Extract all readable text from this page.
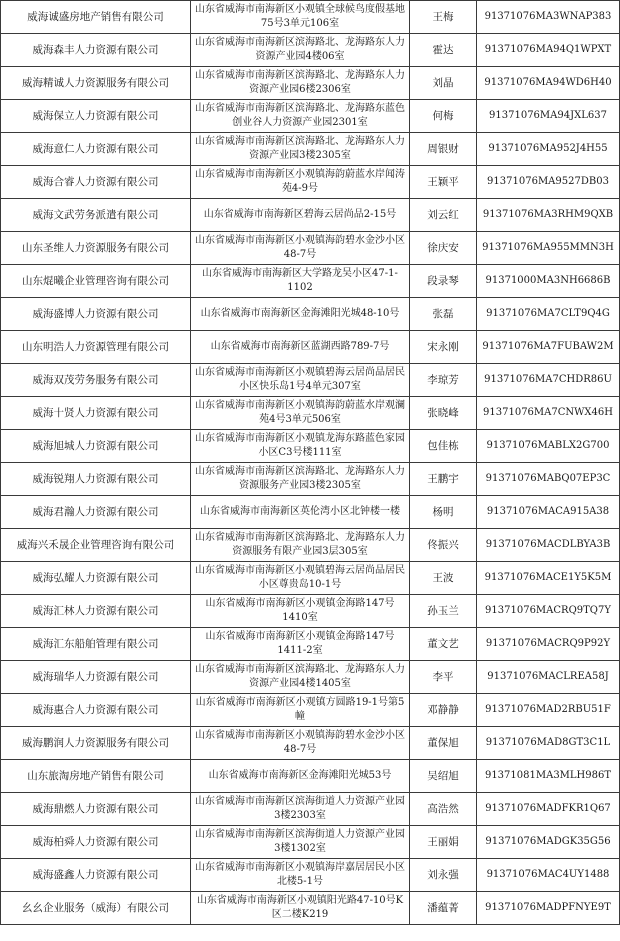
威海诚盛房地产销售有限公司	山东省威海市南海新区小观镇全球候鸟度假基地75号3单元106室	王梅	91371076MA3WNAP383
威海森丰人力资源有限公司	山东省威海市南海新区滨海路北、龙海路东人力资源产业园4楼06室	霍达	91371076MA94Q1WPXT
威海精诚人力资源服务有限公司	山东省威海市南海新区滨海路北、龙海路东人力资源产业园6楼2306室	刘晶	91371076MA94WD6H40
威海保立人力资源有限公司	山东省威海市南海新区滨海路北、龙海路东蓝色创业谷人力资源产业园2301室	何梅	91371076MA94JXL637
威海意仁人力资源有限公司	山东省威海市南海新区滨海路北、龙海路东人力资源产业园3楼2305室	周银财	91371076MA952J4H55
威海合睿人力资源有限公司	山东省威海市南海新区小观镇海韵蔚蓝水岸闻涛苑4-9号	王颖平	91371076MA9527DB03
威海文武劳务派遣有限公司	山东省威海市南海新区碧海云居尚品2-15号	刘云红	91371076MA3RHM9QXB
山东圣维人力资源服务有限公司	山东省威海市南海新区小观镇海韵碧水金沙小区48-7号	徐庆安	91371076MA955MMN3H
山东焜曦企业管理咨询有限公司	山东省威海市南海新区大学路龙吴小区47-1-1102	段录琴	91371000MA3NH6686B
威海盛博人力资源有限公司	山东省威海市南海新区金海滩阳光城48-10号	张磊	91371076MA7CLT9Q4G
山东明浩人力资源管理有限公司	山东省威海市南海新区蓝湖西路789-7号	宋永刚	91371076MA7FUBAW2M
威海双茂劳务服务有限公司	山东省威海市南海新区小观镇碧海云居尚品居民小区快乐岛1号4单元307室	李琼芳	91371076MA7CHDR86U
威海十贤人力资源有限公司	山东省威海市南海新区小观镇海韵蔚蓝水岸观澜苑4号3单元506室	张晓峰	91371076MA7CNWX46H
威海旭城人力资源有限公司	山东省威海市南海新区小观镇龙海东路蓝色家园小区C3号楼111室	包佳栋	91371076MABLX2G700
威海锐翔人力资源有限公司	山东省威海市南海新区滨海路北、龙海路东人力资源服务产业园3楼2305室	王鹏宇	91371076MABQ07EP3C
威海君瀚人力资源有限公司	山东省威海市南海新区英伦湾小区北钟楼一楼	杨明	91371076MACA915A38
威海兴禾晟企业管理咨询有限公司	山东省威海市南海新区滨海路北、龙海路东人力资源服务有限产业园3层305室	佟振兴	91371076MACDLBYA3B
威海弘耀人力资源有限公司	山东省威海市南海新区小观镇碧海云居尚品居民小区尊贵岛10-1号	王波	91371076MACE1Y5K5M
威海汇林人力资源有限公司	山东省威海市南海新区小观镇金海路147号1410室	孙玉兰	91371076MACRQ9TQ7Y
威海汇东船舶管理有限公司	山东省威海市南海新区小观镇金海路147号1411-2室	董文艺	91371076MACRQ9P92Y
威海瑞华人力资源有限公司	山东省威海市南海新区滨海路北、龙海路东人力资源产业园4楼1405室	李平	91371076MACLREA58J
威海惠合人力资源有限公司	山东省威海市南海新区小观镇方圆路19-1号第5幢	邓静静	91371076MAD2RBU51F
威海鹏润人力资源服务有限公司	山东省威海市南海新区小观镇海韵碧水金沙小区48-7号	董保旭	91371076MAD8GT3C1L
山东旅淘房地产销售有限公司	山东省威海市南海新区金海滩阳光城53号	吴绍旭	91371081MA3MLH986T
威海鼎燃人力资源有限公司	山东省威海市南海新区滨海街道人力资源产业园3楼2303室	高浩然	91371076MADFKR1Q67
威海柏舜人力资源有限公司	山东省威海市南海新区滨海街道人力资源产业园3楼1302室	王丽娟	91371076MADGK35G56
威海盛鑫人力资源有限公司	山东省威海市南海新区小观镇海岸嘉居居民小区北楼5-1号	刘永强	91371076MAC4UY1488
幺幺企业服务（威海）有限公司	山东省威海市南海新区小观镇阳光路47-10号K区二楼K219	潘蕴菁	91371076MADPFNYE9T
